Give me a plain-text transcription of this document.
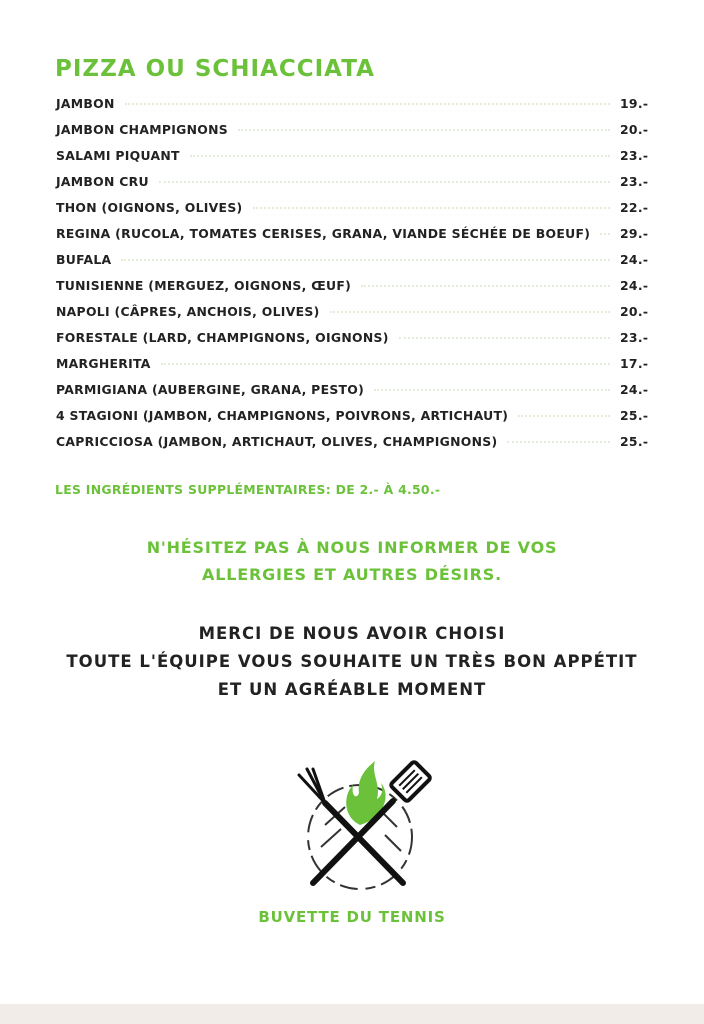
PIZZA OU SCHIACCIATA
JAMBON	19.-
JAMBON CHAMPIGNONS	20.-
SALAMI PIQUANT	23.-
JAMBON CRU	23.-
THON (OIGNONS, OLIVES)	22.-
REGINA (RUCOLA, TOMATES CERISES, GRANA, VIANDE SÉCHÉE DE BOEUF) 29.-
BUFALA	24.-
TUNISIENNE (MERGUEZ, OIGNONS, ŒUF)	24.-
NAPOLI (CÂPRES, ANCHOIS, OLIVES)	20.-
FORESTALE (LARD, CHAMPIGNONS, OIGNONS)	23.-
MARGHERITA	17.-
PARMIGIANA (AUBERGINE, GRANA, PESTO)	24.-
4 STAGIONI (JAMBON, CHAMPIGNONS, POIVRONS, ARTICHAUT)	25.-
CAPRICCIOSA (JAMBON, ARTICHAUT, OLIVES, CHAMPIGNONS)	25.-

LES INGRÉDIENTS SUPPLÉMENTAIRES: DE 2.- À 4.50.-

N'HÉSITEZ PAS À NOUS INFORMER DE VOS
ALLERGIES ET AUTRES DÉSIRS.
MERCI DE NOUS AVOIR CHOISI
TOUTE L'ÉQUIPE VOUS SOUHAITE UN TRÈS BON APPÉTIT
ET UN AGRÉABLE MOMENT
BUVETTE DU TENNIS
